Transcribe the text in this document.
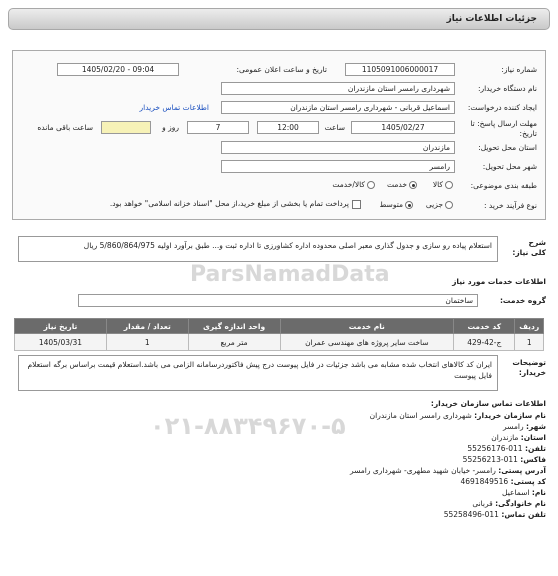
جزئیات اطلاعات نیاز
ParsNamadData
۰۲۱-۸۸۳۴۹۶۷۰-۵
شماره نیاز:
1105091006000017
تاریخ و ساعت اعلان عمومی:
1405/02/20 - 09:04
نام دستگاه خریدار:
شهرداری رامسر استان مازندران
ایجاد کننده درخواست:
اسماعیل قربانی - شهرداری رامسر استان مازندران
اطلاعات تماس خریدار
مهلت ارسال پاسخ: تا تاریخ:
1405/02/27
ساعت
12:00
7
روز و
ساعت باقی مانده
استان محل تحویل:
مازندران
شهر محل تحویل:
رامسر
طبقه بندی موضوعی:
کالا
خدمت
کالا/خدمت
نوع فرآیند خرید :
جزیی
متوسط
پرداخت تمام یا بخشی از مبلغ خرید،از محل "اسناد خزانه اسلامی" خواهد بود.
شرح کلی نیاز:
استعلام پیاده رو سازی و جدول گذاری معبر اصلی محدوده اداره کشاورزی تا اداره ثبت و... طبق برآورد اولیه 5/860/864/975 ریال
اطلاعات خدمات مورد نیاز
گروه خدمت:
ساختمان
ردیف	کد خدمت	نام خدمت	واحد اندازه گیری	تعداد / مقدار	تاریخ نیاز
1	ج-42-429	ساخت سایر پروژه های مهندسی عمران	متر مربع	1	1405/03/31
توضیحات خریدار:
ایران کد کالاهای انتخاب شده مشابه می باشد جزئیات در فایل پیوست درج پیش فاکتوردرسامانه الزامی می باشد.استعلام قیمت براساس برگه استعلام فایل پیوست
اطلاعات تماس سازمان خریدار:
نام سازمان خریدار: شهرداری رامسر استان مازندران
شهر: رامسر
استان: مازندران
تلفن: 011-55256176
فاکس: 011-55256213
آدرس پستی: رامسر- خیابان شهید مطهری- شهرداری رامسر
کد پستی: 4691849516
نام: اسماعیل
نام خانوادگی: قربانی
تلفن تماس: 011-55258496
